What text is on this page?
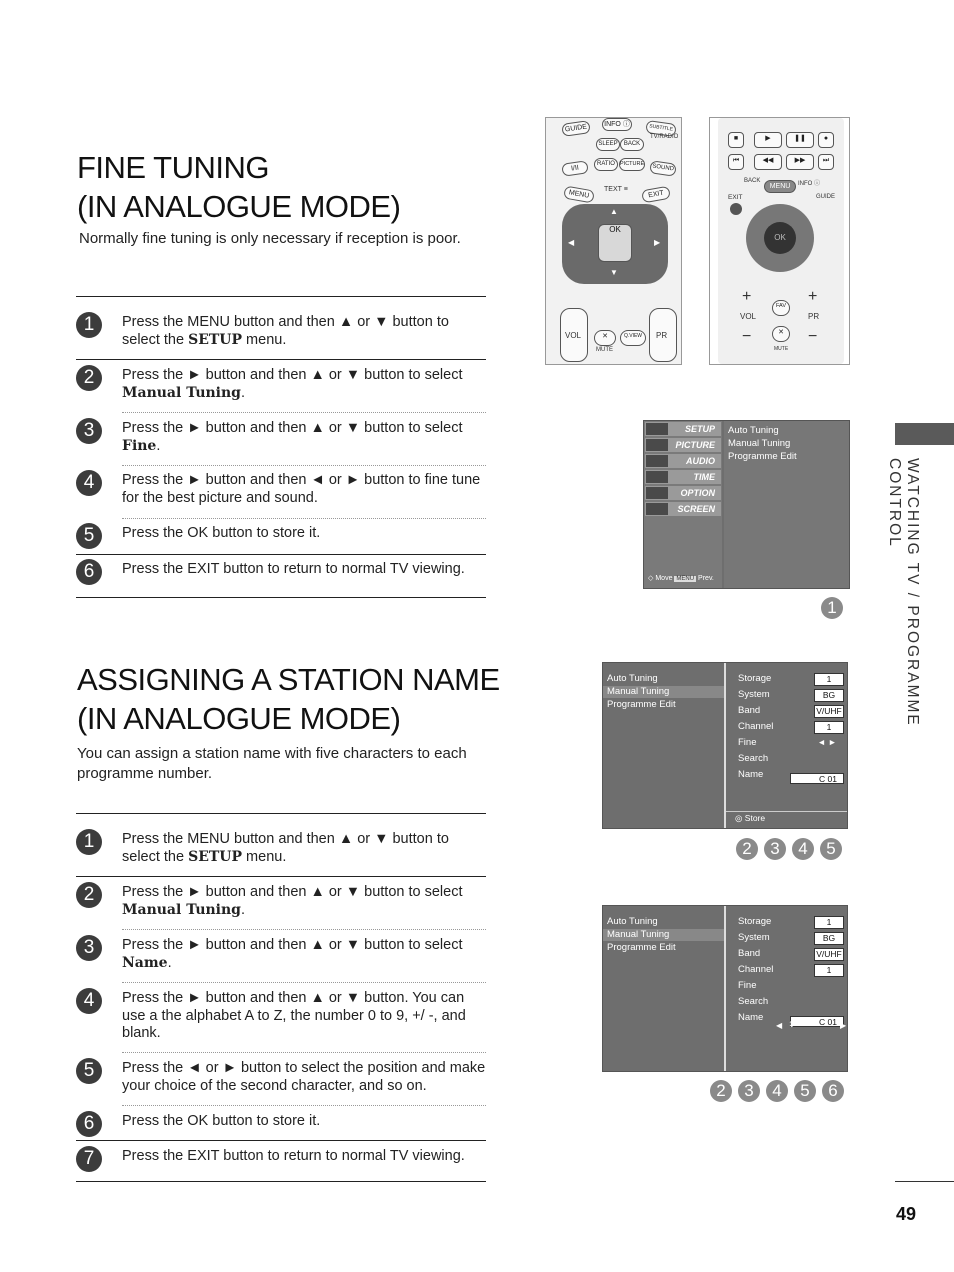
FINE TUNING
(IN ANALOGUE MODE)
Normally fine tuning is only necessary if reception is poor.
1	Press the MENU button and then ▲ or ▼ button to select the SETUP menu.
2	Press the ► button and then ▲ or ▼ button to select Manual Tuning.
3	Press the ► button and then ▲ or ▼ button to select Fine.
4	Press the ► button and then ◄ or ► button to fine tune for the best picture and sound.
5	Press the OK button to store it.
6	Press the EXIT button to return to normal TV viewing.
ASSIGNING A STATION NAME
(IN ANALOGUE MODE)
You can assign a station name with five characters to each programme number.
1	Press the MENU button and then ▲ or ▼ button to select the SETUP menu.
2	Press the ► button and then ▲ or ▼ button to select Manual Tuning.
3	Press the ► button and then ▲ or ▼ button to select Name.
4	Press the ► button and then ▲ or ▼ button. You can use a the alphabet A to Z, the number 0 to 9, +/ -, and blank.
5	Press the ◄ or ► button to select the position and make your choice of the second character, and so on.
6	Press the OK button to store it.
7	Press the EXIT button to return to normal TV viewing.
WATCHING TV / PROGRAMME CONTROL
49
GUIDE	INFO ⓘ	SUBTITLE
SLEEP	BACK
TV/RADIO
I/II
RATIO PICTURE	SOUND
MENU	TEXT ≡
EXIT
OK
▲
▼
◀	▶
VOL	PR
✕
MUTE
Q.VIEW
■	▶	❚❚	●
⏮	◀◀	▶▶	⏭
BACK
MENU	INFO ⓘ
EXIT	GUIDE
OK
+
VOL
−
FAV
✕
MUTE
+
PR
−
◇ Move MENU Prev.
SETUP
PICTURE
AUDIO
TIME
OPTION
SCREEN
Auto Tuning
Manual Tuning
Programme Edit
1
◎ Store
Auto Tuning
Manual Tuning
Programme Edit
Storage	1
System	BG
Band	V/UHF
Channel	1
Fine	◄ ►
Search
Name	C 01
2	3	4	5
Auto Tuning
Manual Tuning
Programme Edit
Storage	1
System	BG
Band	V/UHF
Channel	1
Fine
Search
Name	C 01
◀ ⬍	▶
2	3	4	5	6
